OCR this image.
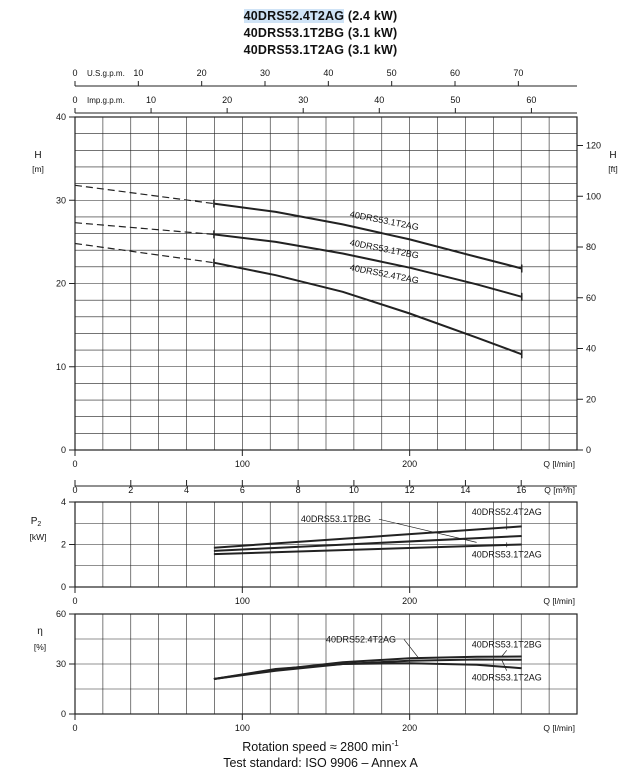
40DRS52.4T2AG (2.4 kW)
40DRS53.1T2BG (3.1 kW)
40DRS53.1T2AG (3.1 kW)
0	10	20	30	40	50	60	70
U.S.g.p.m.
0	10	20	30	40	50	60
Imp.g.p.m.
0
10
20
30
40
0
20
40
60
80
100
120
H
[m]
H
[ft]
0	100	200	Q [l/min]
0	2	4	6	8	10	12	14	16 Q [m³/h]
40DRS53.1T2AG
40DRS53.1T2BG
40DRS52.4T2AG
0
2
4
0	100	200	Q [l/min]
$P_2$
[kW]
40DRS53.1T2BG
40DRS52.4T2AG
40DRS53.1T2AG
0
30
60
0	100	200	Q [l/min]
η
[%]
40DRS52.4T2AG	40DRS53.1T2BG
40DRS53.1T2AG
Rotation speed ≈ 2800 $\min^{-1}$
Test standard: ISO 9906 – Annex A
